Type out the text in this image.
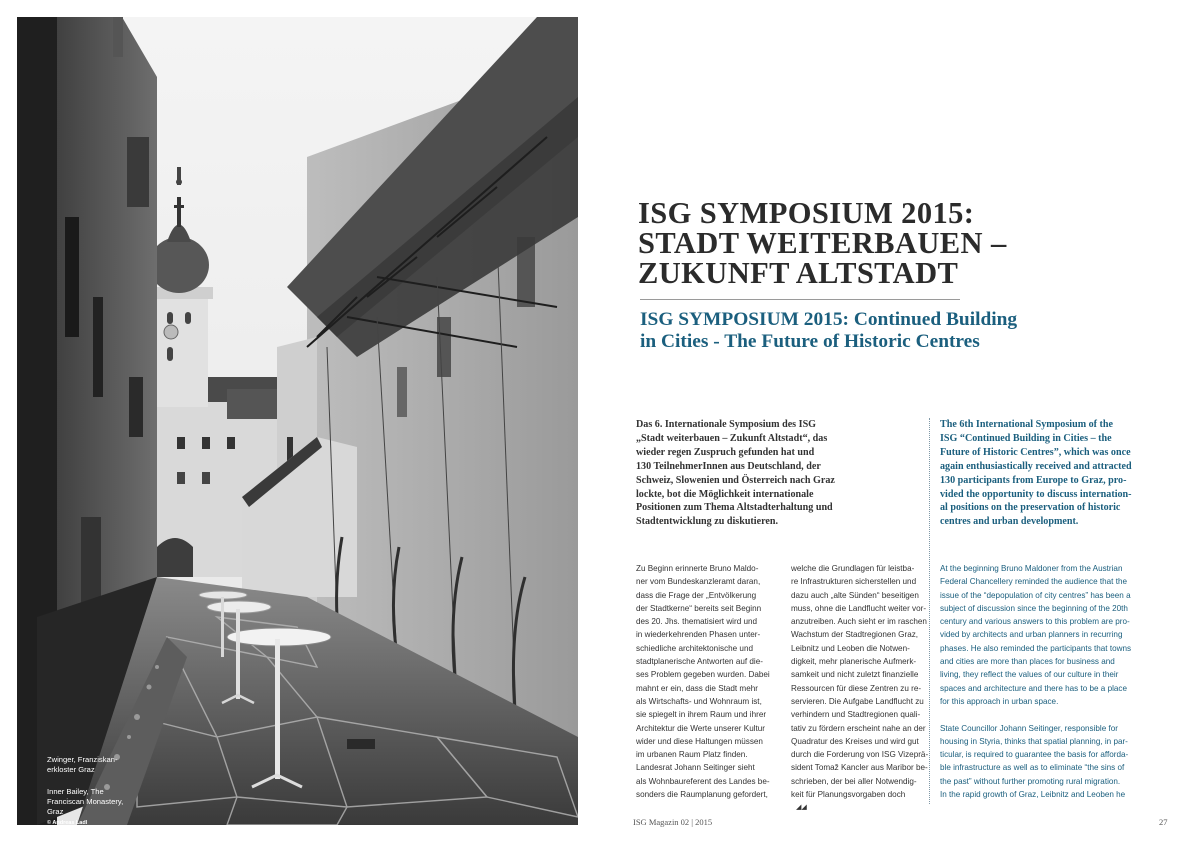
Zwinger, Franziskan-
erkloster Graz
Inner Bailey, The
Franciscan Monastery,
Graz
© Andreas Ladl
ISG SYMPOSIUM 2015:
STADT WEITERBAUEN –
ZUKUNFT ALTSTADT
ISG SYMPOSIUM 2015: Continued Building
in Cities - The Future of Historic Centres
Das 6. Internationale Symposium des ISG
„Stadt weiterbauen – Zukunft Altstadt“, das
wieder regen Zuspruch gefunden hat und
130 TeilnehmerInnen aus Deutschland, der
Schweiz, Slowenien und Österreich nach Graz
lockte, bot die Möglichkeit internationale
Positionen zum Thema Altstadterhaltung und
Stadtentwicklung zu diskutieren.
The 6th International Symposium of the
ISG “Continued Building in Cities – the
Future of Historic Centres”, which was once
again enthusiastically received and attracted
130 participants from Europe to Graz, pro-
vided the opportunity to discuss internation-
al positions on the preservation of historic
centres and urban development.
Zu Beginn erinnerte Bruno Maldo-
ner vom Bundeskanzleramt daran,
dass die Frage der „Entvölkerung
der Stadtkerne“ bereits seit Beginn
des 20. Jhs. thematisiert wird und
in wiederkehrenden Phasen unter-
schiedliche architektonische und
stadtplanerische Antworten auf die-
ses Problem gegeben wurden. Dabei
mahnt er ein, dass die Stadt mehr
als Wirtschafts- und Wohnraum ist,
sie spiegelt in ihrem Raum und ihrer
Architektur die Werte unserer Kultur
wider und diese Haltungen müssen
im urbanen Raum Platz finden.
Landesrat Johann Seitinger sieht
als Wohnbaureferent des Landes be-
sonders die Raumplanung gefordert,
welche die Grundlagen für leistba-
re Infrastrukturen sicherstellen und
dazu auch „alte Sünden“ beseitigen
muss, ohne die Landflucht weiter vor-
anzutreiben. Auch sieht er im raschen
Wachstum der Stadtregionen Graz,
Leibnitz und Leoben die Notwen-
digkeit, mehr planerische Aufmerk-
samkeit und nicht zuletzt finanzielle
Ressourcen für diese Zentren zu re-
servieren. Die Aufgabe Landflucht zu
verhindern und Stadtregionen quali-
tativ zu fördern erscheint nahe an der
Quadratur des Kreises und wird gut
durch die Forderung von ISG Vizeprä-
sident Tomaž Kancler aus Maribor be-
schrieben, der bei aller Notwendig-
keit für Planungsvorgaben doch
◢◢
At the beginning Bruno Maldoner from the Austrian
Federal Chancellery reminded the audience that the
issue of the “depopulation of city centres” has been a
subject of discussion since the beginning of the 20th
century and various answers to this problem are pro-
vided by architects and urban planners in recurring
phases. He also reminded the participants that towns
and cities are more than places for business and
living, they reflect the values of our culture in their
spaces and architecture and there has to be a place
for this approach in urban space.
State Councillor Johann Seitinger, responsible for
housing in Styria, thinks that spatial planning, in par-
ticular, is required to guarantee the basis for afforda-
ble infrastructure as well as to eliminate “the sins of
the past” without further promoting rural migration.
In the rapid growth of Graz, Leibnitz and Leoben he
ISG Magazin 02 | 2015	27
